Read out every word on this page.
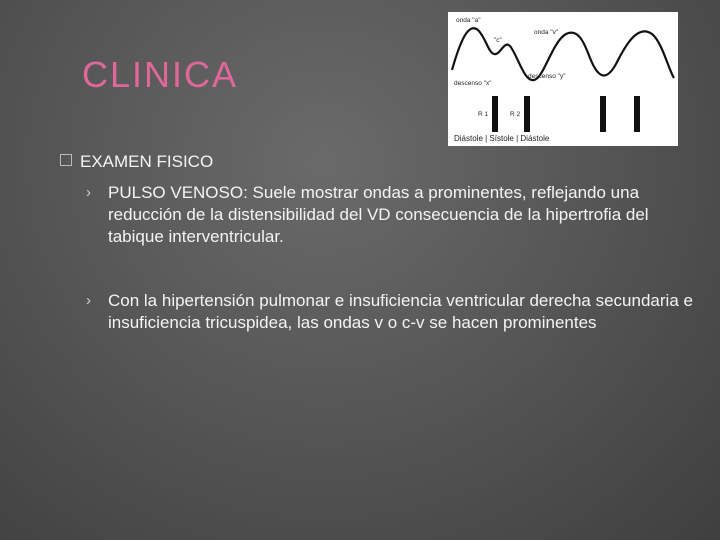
CLINICA
onda "a"
"c"
onda "v"
descenso "x"
descenso "y"
R 1	R 2
Diástole | Sístole | Diástole
EXAMEN FISICO
› PULSO VENOSO: Suele mostrar ondas a prominentes, reflejando una reducción de la distensibilidad del VD consecuencia de la hipertrofia del tabique interventricular.
› Con la hipertensión pulmonar e insuficiencia ventricular derecha secundaria e insuficiencia tricuspidea, las ondas v o c-v se hacen prominentes
